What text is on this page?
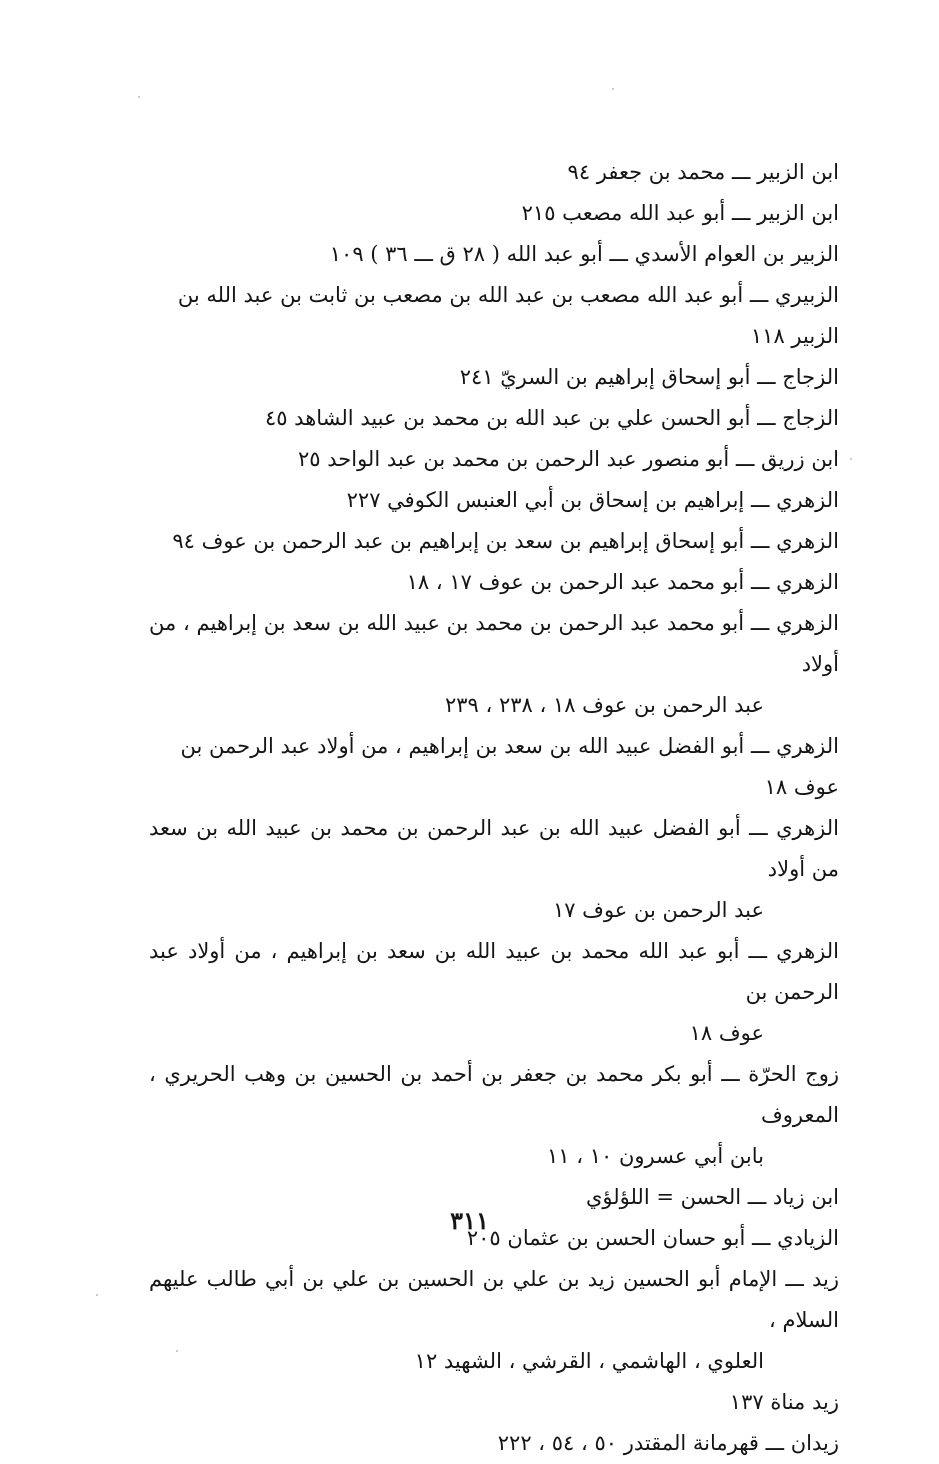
ابن الزبير ـــ محمد بن جعفر ٩٤
ابن الزبير ـــ أبو عبد الله مصعب ٢١٥
الزبير بن العوام الأسدي ـــ أبو عبد الله ( ٢٨ ق ـــ ٣٦ ) ١٠٩
الزبيري ـــ أبو عبد الله مصعب بن عبد الله بن مصعب بن ثابت بن عبد الله بن الزبير ١١٨
الزجاج ـــ أبو إسحاق إبراهيم بن السريّ ٢٤١
الزجاج ـــ أبو الحسن علي بن عبد الله بن محمد بن عبيد الشاهد ٤٥
ابن زريق ـــ أبو منصور عبد الرحمن بن محمد بن عبد الواحد ٢٥
الزهري ـــ إبراهيم بن إسحاق بن أبي العنبس الكوفي ٢٢٧
الزهري ـــ أبو إسحاق إبراهيم بن سعد بن إبراهيم بن عبد الرحمن بن عوف ٩٤
الزهري ـــ أبو محمد عبد الرحمن بن عوف ١٧ ، ١٨
الزهري ـــ أبو محمد عبد الرحمن بن محمد بن عبيد الله بن سعد بن إبراهيم ، من أولاد
عبد الرحمن بن عوف ١٨ ، ٢٣٨ ، ٢٣٩
الزهري ـــ أبو الفضل عبيد الله بن سعد بن إبراهيم ، من أولاد عبد الرحمن بن عوف ١٨
الزهري ـــ أبو الفضل عبيد الله بن عبد الرحمن بن محمد بن عبيد الله بن سعد من أولاد
عبد الرحمن بن عوف ١٧
الزهري ـــ أبو عبد الله محمد بن عبيد الله بن سعد بن إبراهيم ، من أولاد عبد الرحمن بن
عوف ١٨
زوج الحرّة ـــ أبو بكر محمد بن جعفر بن أحمد بن الحسين بن وهب الحريري ، المعروف
بابن أبي عسرون ١٠ ، ١١
ابن زياد ـــ الحسن = اللؤلؤي
الزيادي ـــ أبو حسان الحسن بن عثمان ٢٠٥
زيد ـــ الإمام أبو الحسين زيد بن علي بن الحسين بن علي بن أبي طالب عليهم السلام ،
العلوي ، الهاشمي ، القرشي ، الشهيد ١٢
زيد مناة ١٣٧
زيدان ـــ قهرمانة المقتدر ٥٠ ، ٥٤ ، ٢٢٢
٣١١
